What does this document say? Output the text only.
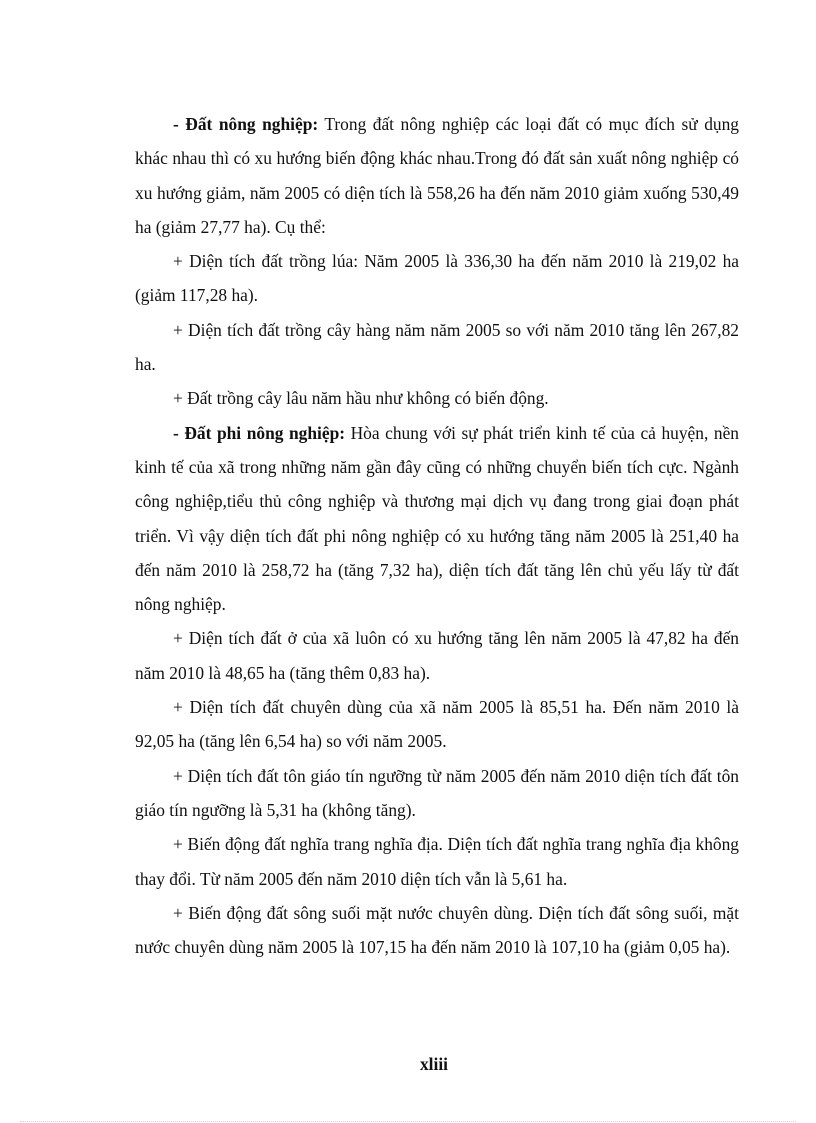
- Đất nông nghiệp: Trong đất nông nghiệp các loại đất có mục đích sử dụng khác nhau thì có xu hướng biến động khác nhau.Trong đó đất sản xuất nông nghiệp có xu hướng giảm, năm 2005 có diện tích là 558,26 ha đến năm 2010 giảm xuống 530,49 ha (giảm 27,77 ha). Cụ thể:

+ Diện tích đất trồng lúa: Năm 2005 là 336,30 ha đến năm 2010 là 219,02 ha (giảm 117,28 ha).

+ Diện tích đất trồng cây hàng năm năm 2005 so với năm 2010 tăng lên 267,82 ha.

+ Đất trồng cây lâu năm hầu như không có biến động.

- Đất phi nông nghiệp: Hòa chung với sự phát triển kinh tế của cả huyện, nền kinh tế của xã trong những năm gần đây cũng có những chuyển biến tích cực. Ngành công nghiệp,tiểu thủ công nghiệp và thương mại dịch vụ đang trong giai đoạn phát triển. Vì vậy diện tích đất phi nông nghiệp có xu hướng tăng năm 2005 là 251,40 ha đến năm 2010 là 258,72 ha (tăng 7,32 ha), diện tích đất tăng lên chủ yếu lấy từ đất nông nghiệp.

+ Diện tích đất ở của xã luôn có xu hướng tăng lên năm 2005 là 47,82 ha đến năm 2010 là 48,65 ha (tăng thêm 0,83 ha).

+ Diện tích đất chuyên dùng của xã năm 2005 là 85,51 ha. Đến năm 2010 là 92,05 ha (tăng lên 6,54 ha) so với năm 2005.

+ Diện tích đất tôn giáo tín ngưỡng từ năm 2005 đến năm 2010 diện tích đất tôn giáo tín ngưỡng là 5,31 ha (không tăng).

+ Biến động đất nghĩa trang nghĩa địa. Diện tích đất nghĩa trang nghĩa địa không thay đổi. Từ năm 2005 đến năm 2010 diện tích vẫn là 5,61 ha.

+ Biến động đất sông suối mặt nước chuyên dùng. Diện tích đất sông suối, mặt nước chuyên dùng năm 2005 là 107,15 ha đến năm 2010 là 107,10 ha (giảm 0,05 ha).

xliii
